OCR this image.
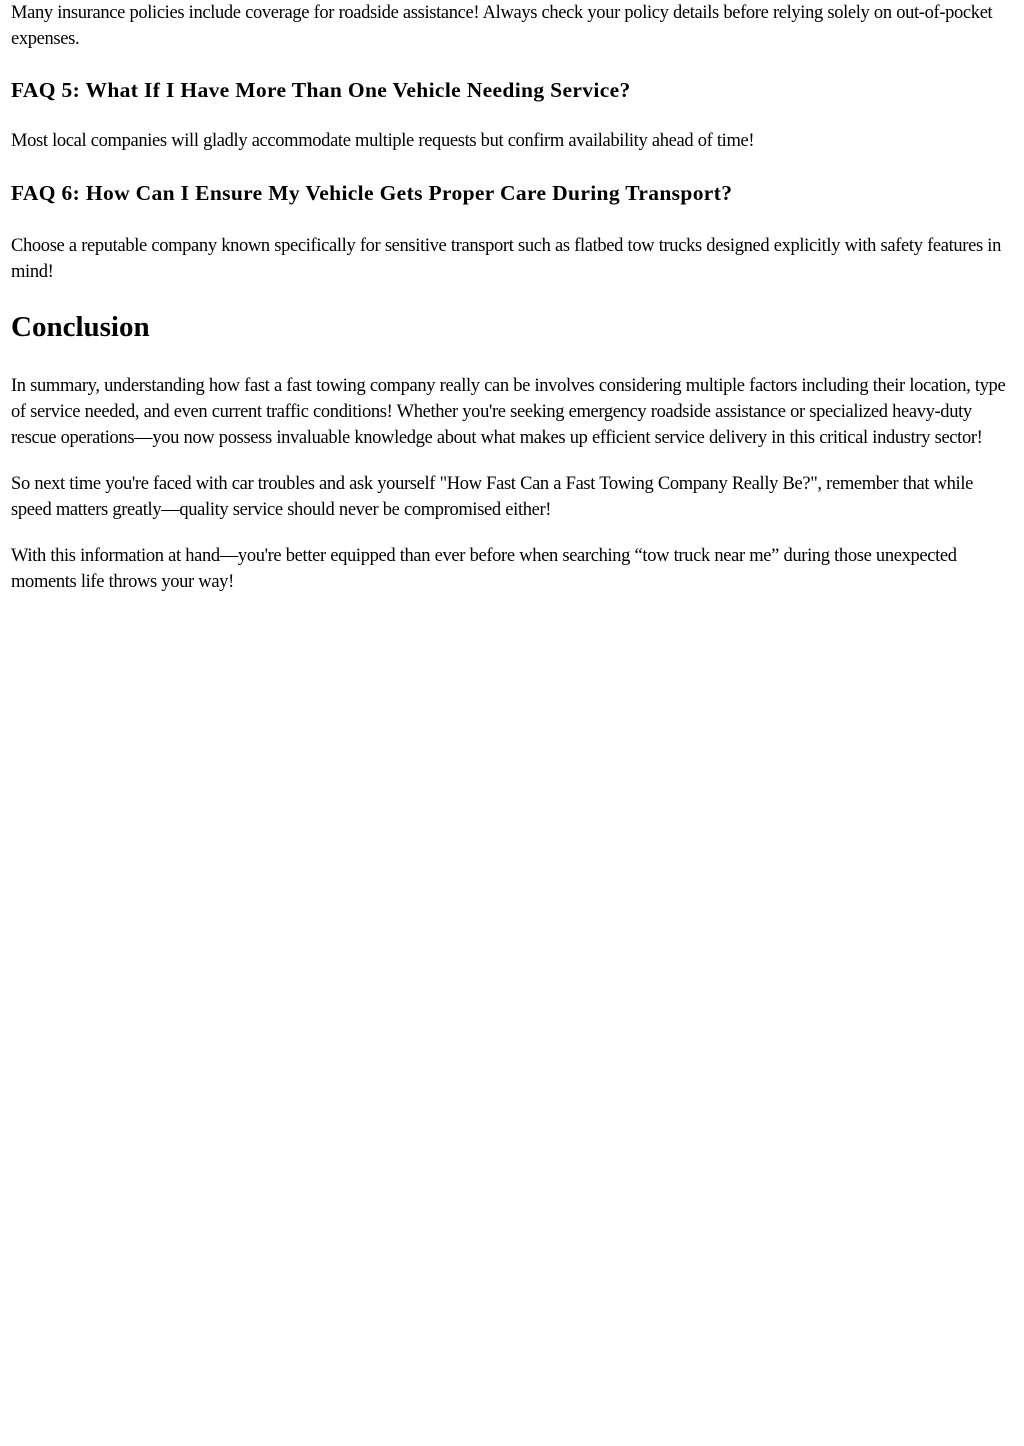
Many insurance policies include coverage for roadside assistance! Always check your policy details before relying solely on out-of-pocket expenses.

FAQ 5: What If I Have More Than One Vehicle Needing Service?

Most local companies will gladly accommodate multiple requests but confirm availability ahead of time!

FAQ 6: How Can I Ensure My Vehicle Gets Proper Care During Transport?

Choose a reputable company known specifically for sensitive transport such as flatbed tow trucks designed explicitly with safety features in mind!

Conclusion

In summary, understanding how fast a fast towing company really can be involves considering multiple factors including their location, type of service needed, and even current traffic conditions! Whether you're seeking emergency roadside assistance or specialized heavy-duty rescue operations—you now possess invaluable knowledge about what makes up efficient service delivery in this critical industry sector!

So next time you're faced with car troubles and ask yourself "How Fast Can a Fast Towing Company Really Be?", remember that while speed matters greatly—quality service should never be compromised either!

With this information at hand—you're better equipped than ever before when searching “tow truck near me” during those unexpected moments life throws your way!
